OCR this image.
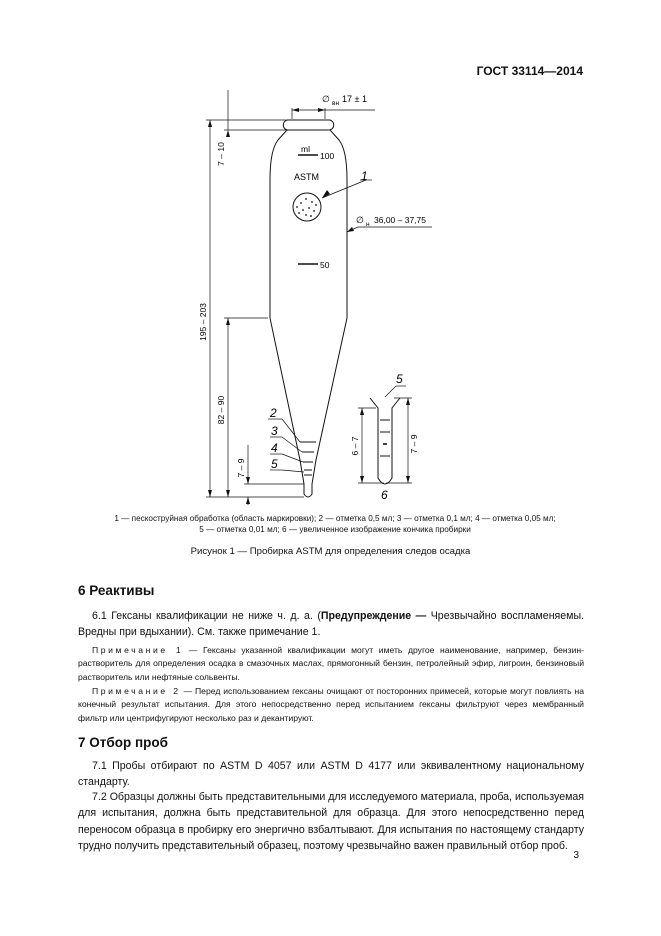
ГОСТ 33114—2014
∅ вн 17 ± 1
ml
100
ASTM
50
∅ н 36,00 – 37,75
1
2
3
4
5
5
6
7 – 10
195 – 203
82 – 90
7 – 9
6 – 7	7 – 9
1 — пескоструйная обработка (область маркировки); 2 — отметка 0,5 мл; 3 — отметка 0,1 мл; 4 — отметка 0,05 мл;
5 — отметка 0,01 мл; 6 — увеличенное изображение кончика пробирки
Рисунок 1 — Пробирка ASTM для определения следов осадка
6 Реактивы
6.1 Гексаны квалификации не ниже ч. д. а. (Предупреждение — Чрезвычайно воспламеняемы. Вредны при вдыхании). См. также примечание 1.
Примечание 1 — Гексаны указанной квалификации могут иметь другое наименование, например, бензин-растворитель для определения осадка в смазочных маслах, прямогонный бензин, петролейный эфир, лигроин, бензиновый растворитель или нефтяные сольвенты.
Примечание 2 — Перед использованием гексаны очищают от посторонних примесей, которые могут повлиять на конечный результат испытания. Для этого непосредственно перед испытанием гексаны фильтруют через мембранный фильтр или центрифугируют несколько раз и декантируют.
7 Отбор проб
7.1 Пробы отбирают по ASTM D 4057 или ASTM D 4177 или эквивалентному национальному стандарту.
7.2 Образцы должны быть представительными для исследуемого материала, проба, используемая для испытания, должна быть представительной для образца. Для этого непосредственно перед переносом образца в пробирку его энергично взбалтывают. Для испытания по настоящему стандарту трудно получить представительный образец, поэтому чрезвычайно важен правильный отбор проб.
3
